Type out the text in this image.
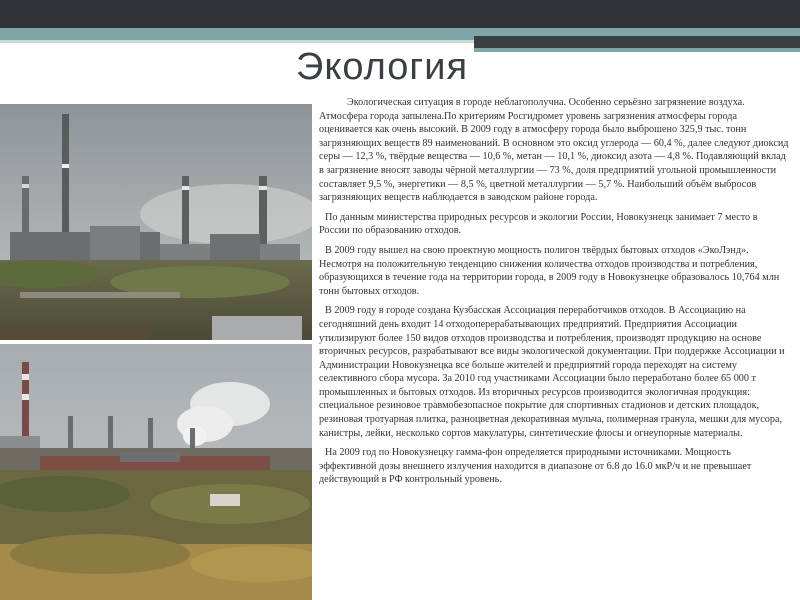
Экология

Экологическая ситуация в городе неблагополучна. Особенно серьёзно загрязнение воздуха. Атмосфера города запылена.По критериям Росгидромет уровень загрязнения атмосферы города оценивается как очень высокий. В 2009 году в атмосферу города было выброшено 325,9 тыс. тонн загрязняющих веществ 89 наименований. В основном это оксид углерода — 60,4 %, далее следуют диоксид серы — 12,3 %, твёрдые вещества — 10,6 %, метан — 10,1 %, диоксид азота — 4,8 %. Подавляющий вклад в загрязнение вносят заводы чёрной металлургии — 73 %, доля предприятий угольной промышленности составляет 9,5 %, энергетики — 8,5 %, цветной металлургии — 5,7 %. Наибольший объём выбросов загрязняющих веществ наблюдается в заводском районе города.

По данным министерства природных ресурсов и экологии России, Новокузнецк занимает 7 место в России по образованию отходов.

В 2009 году вышел на свою проектную мощность полигон твёрдых бытовых отходов «ЭкоЛэнд». Несмотря на положительную тенденцию снижения количества отходов производства и потребления, образующихся в течение года на территории города, в 2009 году в Новокузнецке образовалось 10,764 млн тонн бытовых отходов.

В 2009 году в городе создана Кузбасская Ассоциация переработчиков отходов. В Ассоциацию на сегодняшний день входит 14 отходоперерабатывающих предприятий. Предприятия Ассоциации утилизируют более 150 видов отходов производства и потребления, производят продукцию на основе вторичных ресурсов, разрабатывают все виды экологической документации. При поддержке Ассоциации и Администрации Новокузнецка все больше жителей и предприятий города переходят на систему селективного сбора мусора. За 2010 год участниками Ассоциации было переработано более 65 000 т промышленных и бытовых отходов. Из вторичных ресурсов производится экологичная продукция: специальное резиновое травмобезопасное покрытие для спортивных стадионов и детских площадок, резиновая тротуарная плитка, разноцветная декоративная мульча, полимерная гранула, мешки для мусора, канистры, лейки, несколько сортов макулатуры, синтетические флосы и огнеупорные материалы.

На 2009 год по Новокузнецку гамма-фон определяется природными источниками. Мощность эффективной дозы внешнего излучения находится в диапазоне от 6.8 до 16.0 мкР/ч и не превышает действующий в РФ контрольный уровень.
